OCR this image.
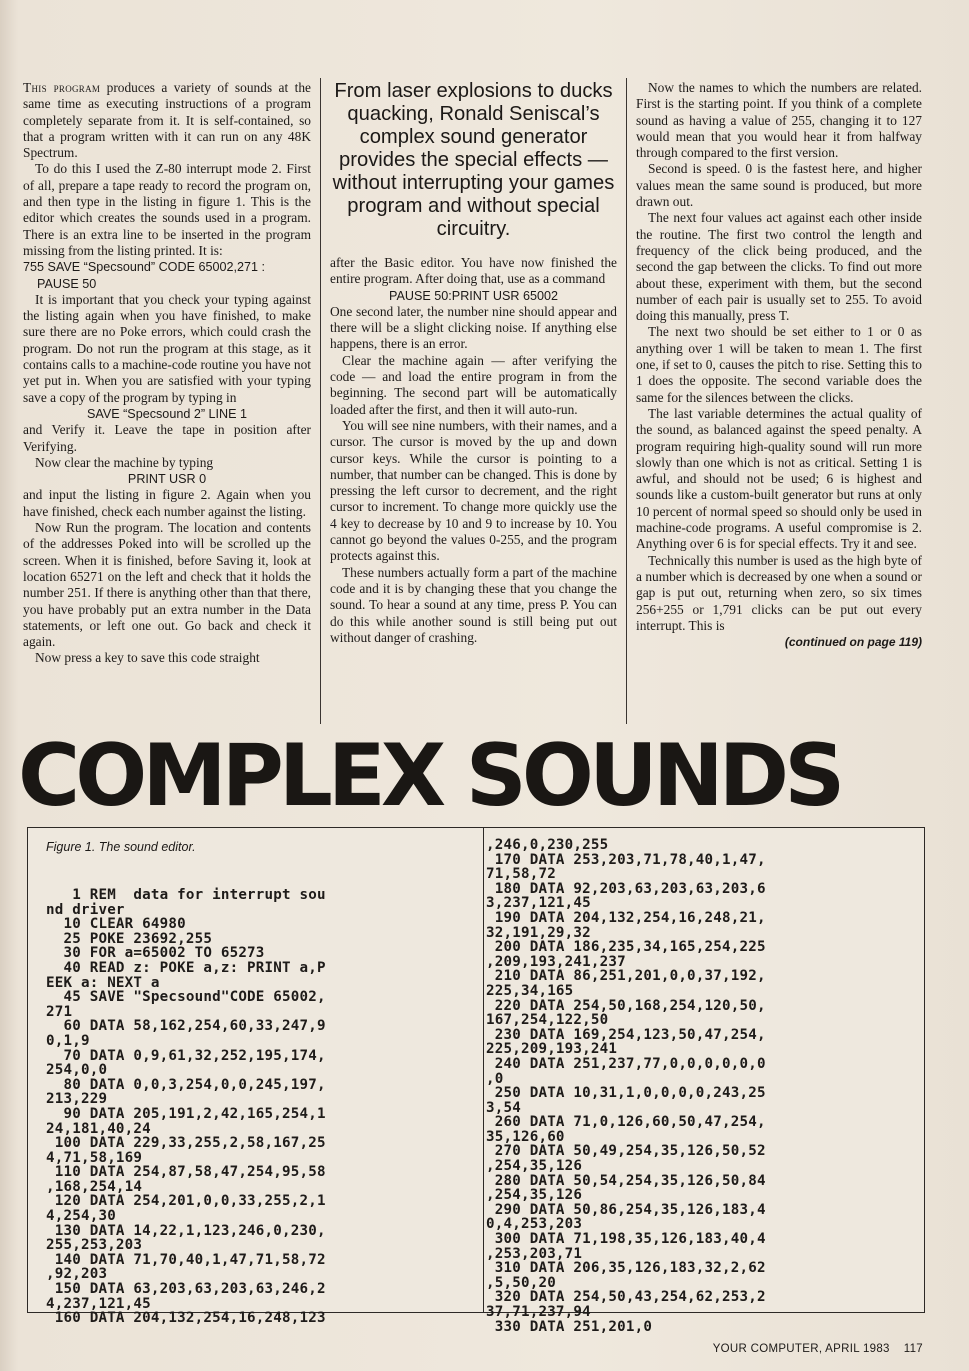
This program produces a variety of sounds at the same time as executing instructions of a program completely separate from it. It is self-contained, so that a program written with it can run on any 48K Spectrum.

To do this I used the Z-80 interrupt mode 2. First of all, prepare a tape ready to record the program on, and then type in the listing in figure 1. This is the editor which creates the sounds used in a program. There is an extra line to be inserted in the program missing from the listing printed. It is:

755 SAVE “Specsound” CODE 65002,271 :

PAUSE 50

It is important that you check your typing against the listing again when you have finished, to make sure there are no Poke errors, which could crash the program. Do not run the program at this stage, as it contains calls to a machine-code routine you have not yet put in. When you are satisfied with your typing save a copy of the program by typing in

SAVE “Specsound 2” LINE 1

and Verify it. Leave the tape in position after Verifying.

Now clear the machine by typing

PRINT USR 0

and input the listing in figure 2. Again when you have finished, check each number against the listing.

Now Run the program. The location and contents of the addresses Poked into will be scrolled up the screen. When it is finished, before Saving it, look at location 65271 on the left and check that it holds the number 251. If there is anything other than that there, you have probably put an extra number in the Data statements, or left one out. Go back and check it again.

Now press a key to save this code straight

From laser explosions to ducks quacking, Ronald Seniscal’s complex sound generator provides the special effects — without interrupting your games program and without special circuitry.

after the Basic editor. You have now finished the entire program. After doing that, use as a command

PAUSE 50:PRINT USR 65002

One second later, the number nine should appear and there will be a slight clicking noise. If anything else happens, there is an error.

Clear the machine again — after verifying the code — and load the entire program in from the beginning. The second part will be automatically loaded after the first, and then it will auto-run.

You will see nine numbers, with their names, and a cursor. The cursor is moved by the up and down cursor keys. While the cursor is pointing to a number, that number can be changed. This is done by pressing the left cursor to decrement, and the right cursor to increment. To change more quickly use the 4 key to decrease by 10 and 9 to increase by 10. You cannot go beyond the values 0-255, and the program protects against this.

These numbers actually form a part of the machine code and it is by changing these that you change the sound. To hear a sound at any time, press P. You can do this while another sound is still being put out without danger of crashing.

Now the names to which the numbers are related. First is the starting point. If you think of a complete sound as having a value of 255, changing it to 127 would mean that you would hear it from halfway through compared to the first version.

Second is speed. 0 is the fastest here, and higher values mean the same sound is produced, but more drawn out.

The next four values act against each other inside the routine. The first two control the length and frequency of the click being produced, and the second the gap between the clicks. To find out more about these, experiment with them, but the second number of each pair is usually set to 255. To avoid doing this manually, press T.

The next two should be set either to 1 or 0 as anything over 1 will be taken to mean 1. The first one, if set to 0, causes the pitch to rise. Setting this to 1 does the opposite. The second variable does the same for the silences between the clicks.

The last variable determines the actual quality of the sound, as balanced against the speed penalty. A program requiring high-quality sound will run more slowly than one which is not as critical. Setting 1 is awful, and should not be used; 6 is highest and sounds like a custom-built generator but runs at only 10 percent of normal speed so should only be used in machine-code programs. A useful compromise is 2. Anything over 6 is for special effects. Try it and see.

Technically this number is used as the high byte of a number which is decreased by one when a sound or gap is put out, returning when zero, so six times 256+255 or 1,791 clicks can be put out every interrupt. This is

(continued on page 119)

COMPLEX SOUNDS
Figure 1. The sound editor.
1 REM  data for interrupt sou
nd driver
10 CLEAR 64980
25 POKE 23692,255
30 FOR a=65002 TO 65273
40 READ z: POKE a,z: PRINT a,P
EEK a: NEXT a
45 SAVE "Specsound"CODE 65002,
271
60 DATA 58,162,254,60,33,247,9
0,1,9
70 DATA 0,9,61,32,252,195,174,
254,0,0
80 DATA 0,0,3,254,0,0,245,197,
213,229
90 DATA 205,191,2,42,165,254,1
24,181,40,24
100 DATA 229,33,255,2,58,167,25
4,71,58,169
110 DATA 254,87,58,47,254,95,58
,168,254,14
120 DATA 254,201,0,0,33,255,2,1
4,254,30
130 DATA 14,22,1,123,246,0,230,
255,253,203
140 DATA 71,70,40,1,47,71,58,72
,92,203
150 DATA 63,203,63,203,63,246,2
4,237,121,45
160 DATA 204,132,254,16,248,123
,246,0,230,255
170 DATA 253,203,71,78,40,1,47,
71,58,72
180 DATA 92,203,63,203,63,203,6
3,237,121,45
190 DATA 204,132,254,16,248,21,
32,191,29,32
200 DATA 186,235,34,165,254,225
,209,193,241,237
210 DATA 86,251,201,0,0,37,192,
225,34,165
220 DATA 254,50,168,254,120,50,
167,254,122,50
230 DATA 169,254,123,50,47,254,
225,209,193,241
240 DATA 251,237,77,0,0,0,0,0,0
,0
250 DATA 10,31,1,0,0,0,0,243,25
3,54
260 DATA 71,0,126,60,50,47,254,
35,126,60
270 DATA 50,49,254,35,126,50,52
,254,35,126
280 DATA 50,54,254,35,126,50,84
,254,35,126
290 DATA 50,86,254,35,126,183,4
0,4,253,203
300 DATA 71,198,35,126,183,40,4
,253,203,71
310 DATA 206,35,126,183,32,2,62
,5,50,20
320 DATA 254,50,43,254,62,253,2
37,71,237,94
330 DATA 251,201,0
YOUR COMPUTER, APRIL 1983 117
